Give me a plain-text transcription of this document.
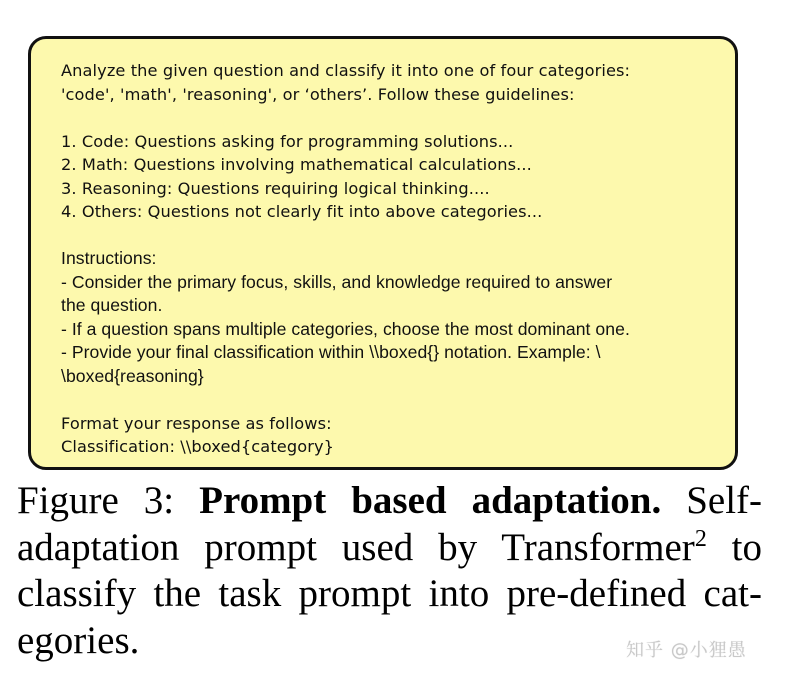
Analyze the given question and classify it into one of four categories:
'code', 'math', 'reasoning', or ‘others’. Follow these guidelines:
1. Code: Questions asking for programming solutions...
2. Math: Questions involving mathematical calculations...
3. Reasoning: Questions requiring logical thinking....
4. Others: Questions not clearly fit into above categories...
Instructions:
- Consider the primary focus, skills, and knowledge required to answer
the question.
- If a question spans multiple categories, choose the most dominant one.
- Provide your final classification within \\boxed{} notation. Example: \
\boxed{reasoning}
Format your response as follows:
Classification: \\boxed{category}
Figure 3: Prompt based adaptation. Self-
adaptation prompt used by Transformer$^2$ to
classify the task prompt into pre-defined cat-
egories.	知乎 @小狸愚
